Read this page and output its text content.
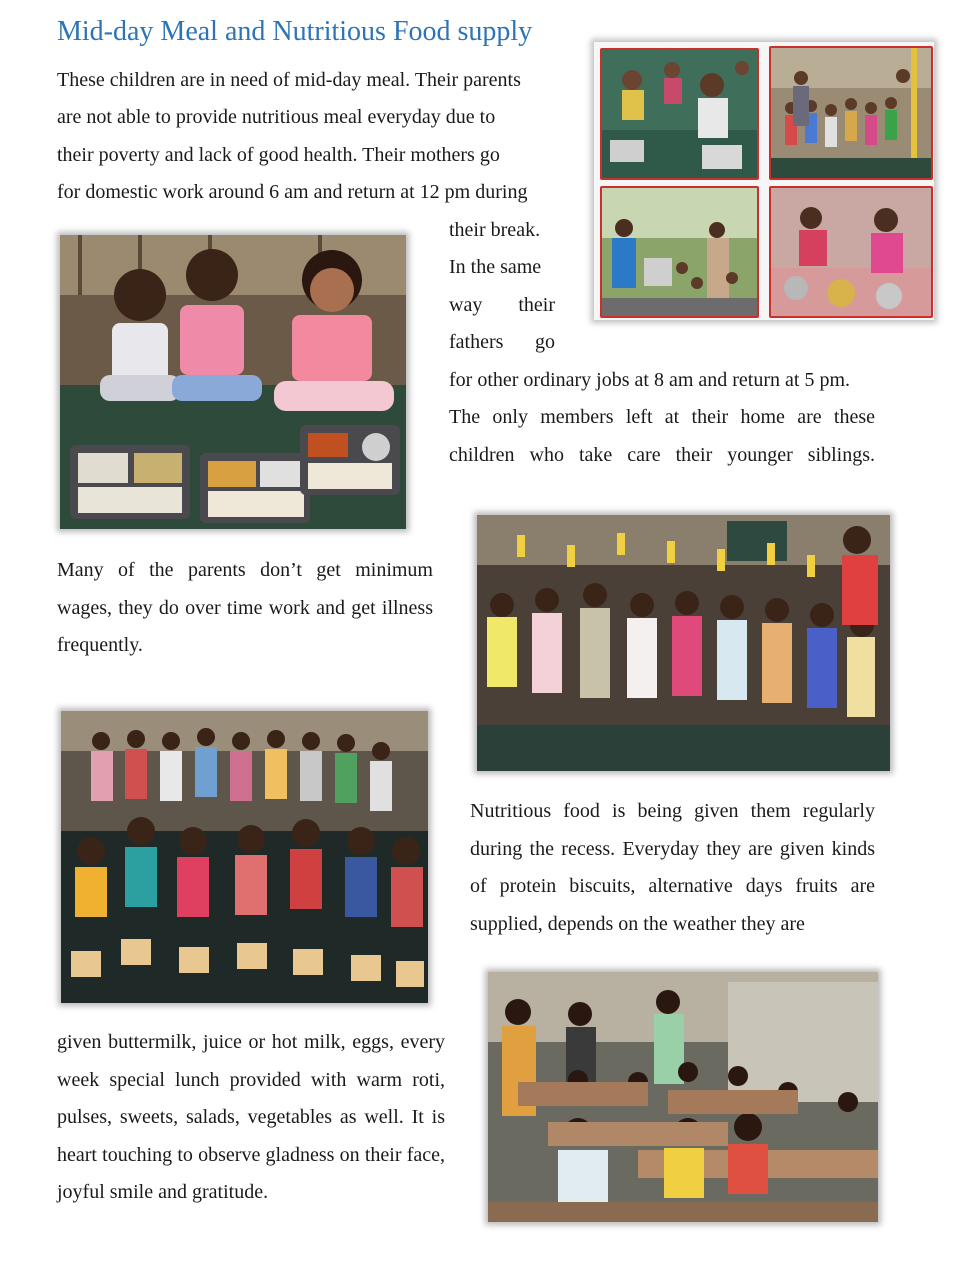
Mid-day Meal and Nutritious Food supply

These children are in need of mid-day meal. Their parents

are not able to provide nutritious meal everyday due to

their poverty and lack of good health. Their mothers go

for domestic work around 6 am and return at 12 pm during

their break.

In the same

way their

fathers go

for other ordinary jobs at 8 am and return at 5 pm.

The only members left at their home are these

children who take care their younger siblings.

Many of the parents don’t get minimum wages, they do over time work and get illness frequently.

Nutritious food is being given them regularly during the recess. Everyday they are given kinds of protein biscuits, alternative days fruits are supplied, depends on the weather they are

given buttermilk, juice or hot milk, eggs, every week special lunch provided with warm roti, pulses, sweets, salads, vegetables as well. It is heart touching to observe gladness on their face, joyful smile and gratitude.
